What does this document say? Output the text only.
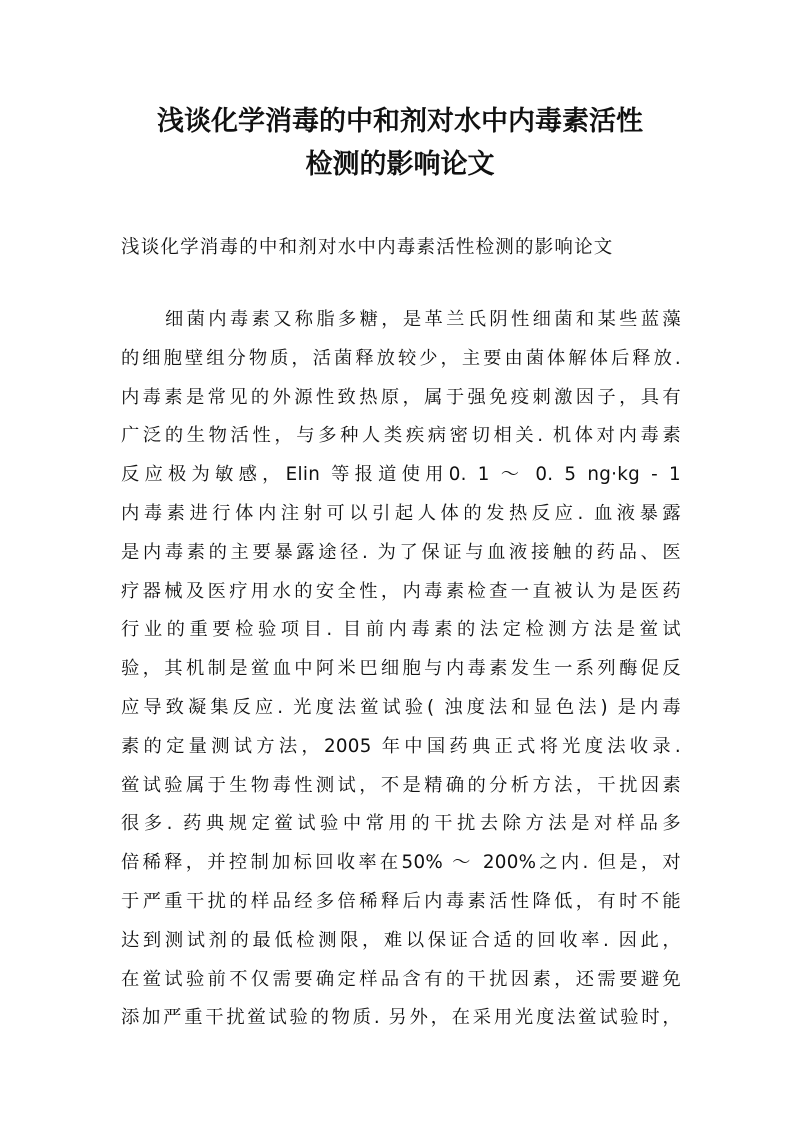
浅谈化学消毒的中和剂对水中内毒素活性
检测的影响论文

浅谈化学消毒的中和剂对水中内毒素活性检测的影响论文

细菌内毒素又称脂多糖，是革兰氏阴性细菌和某些蓝藻
的细胞壁组分物质，活菌释放较少，主要由菌体解体后释放.
内毒素是常见的外源性致热原，属于强免疫刺激因子，具有
广泛的生物活性，与多种人类疾病密切相关. 机体对内毒素
反应极为敏感，Elin 等报道使用0. 1 ～ 0. 5 ng·kg - 1
内毒素进行体内注射可以引起人体的发热反应. 血液暴露
是内毒素的主要暴露途径. 为了保证与血液接触的药品、医
疗器械及医疗用水的安全性，内毒素检查一直被认为是医药
行业的重要检验项目. 目前内毒素的法定检测方法是鲎试
验，其机制是鲎血中阿米巴细胞与内毒素发生一系列酶促反
应导致凝集反应. 光度法鲎试验( 浊度法和显色法) 是内毒
素的定量测试方法，2005 年中国药典正式将光度法收录.
鲎试验属于生物毒性测试，不是精确的分析方法，干扰因素
很多. 药典规定鲎试验中常用的干扰去除方法是对样品多
倍稀释，并控制加标回收率在50% ～ 200%之内. 但是，对
于严重干扰的样品经多倍稀释后内毒素活性降低，有时不能
达到测试剂的最低检测限，难以保证合适的回收率. 因此，
在鲎试验前不仅需要确定样品含有的干扰因素，还需要避免
添加严重干扰鲎试验的物质. 另外，在采用光度法鲎试验时，
